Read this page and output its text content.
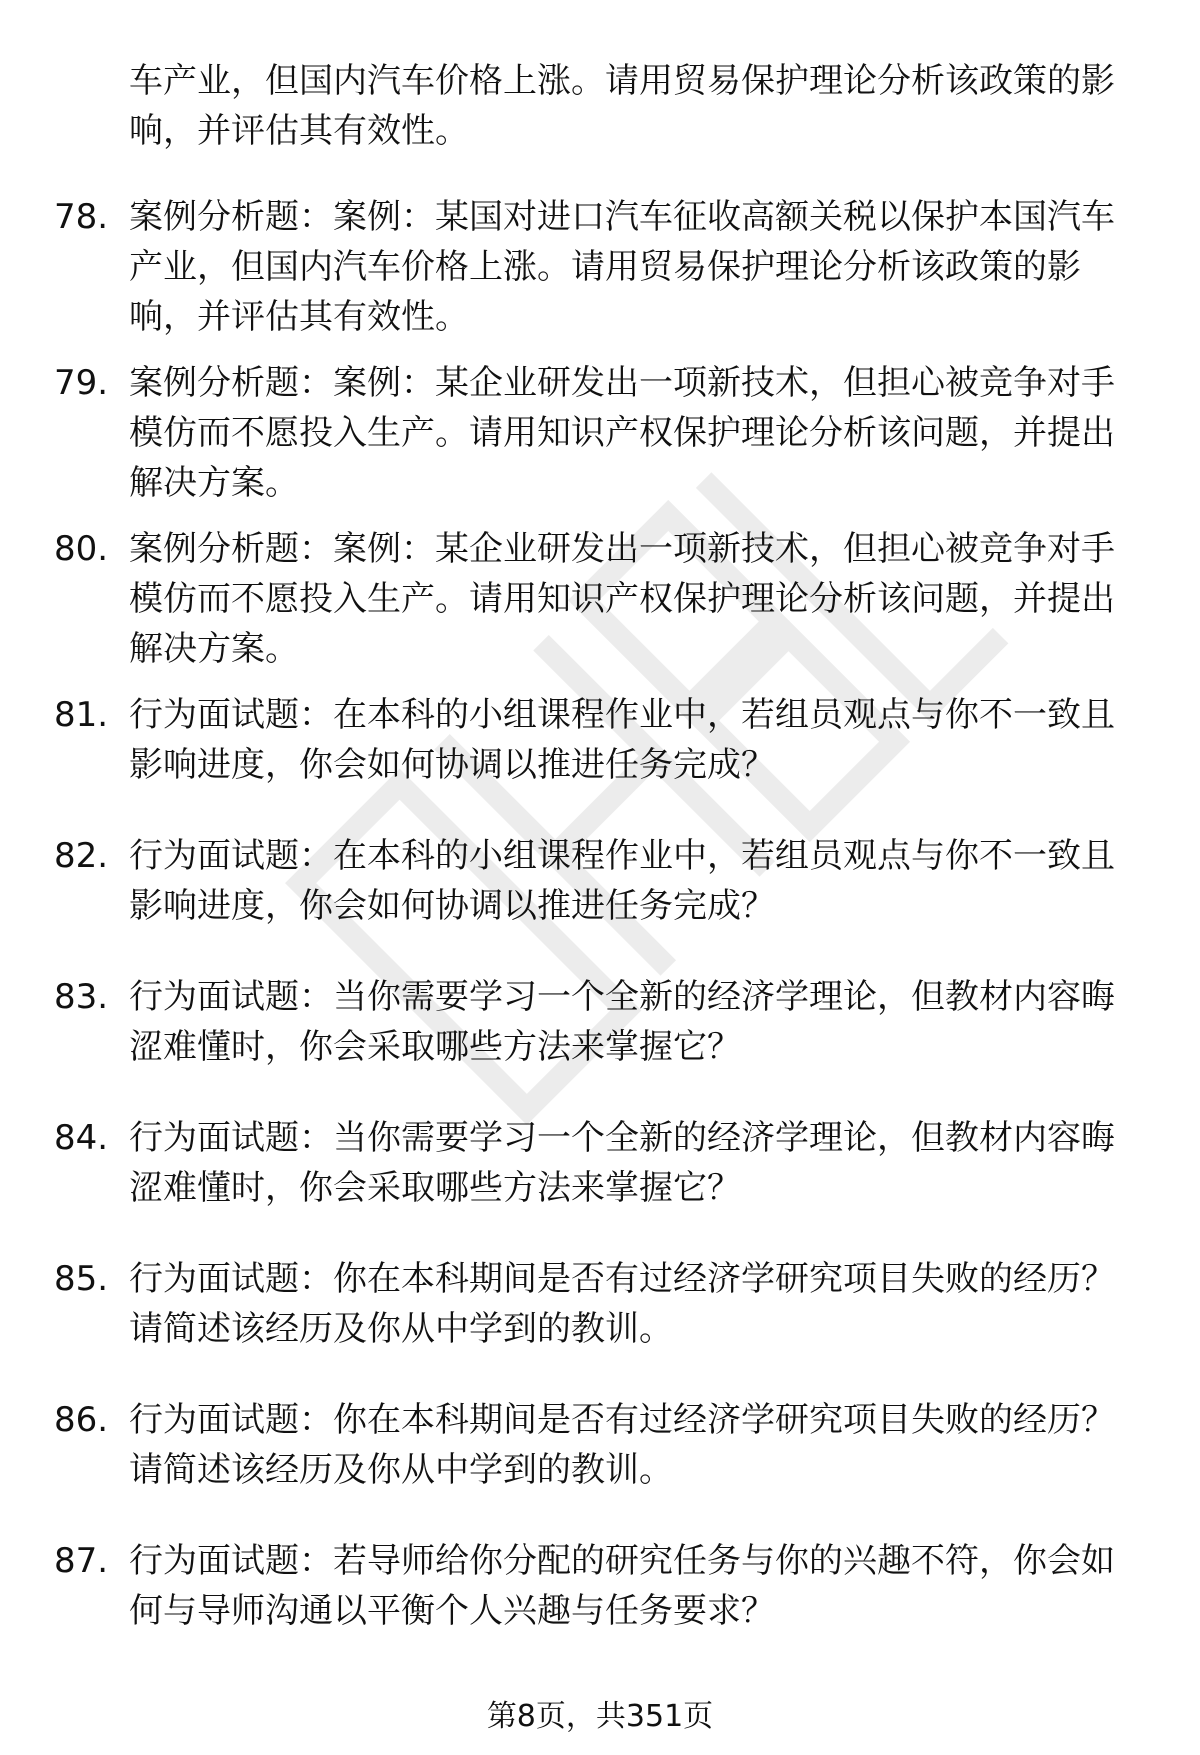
车产业，但国内汽车价格上涨。请用贸易保护理论分析该政策的影响，并评估其有效性。
78. 案例分析题：案例：某国对进口汽车征收高额关税以保护本国汽车产业，但国内汽车价格上涨。请用贸易保护理论分析该政策的影响，并评估其有效性。
79. 案例分析题：案例：某企业研发出一项新技术，但担心被竞争对手模仿而不愿投入生产。请用知识产权保护理论分析该问题，并提出解决方案。
80. 案例分析题：案例：某企业研发出一项新技术，但担心被竞争对手模仿而不愿投入生产。请用知识产权保护理论分析该问题，并提出解决方案。
81. 行为面试题：在本科的小组课程作业中，若组员观点与你不一致且影响进度，你会如何协调以推进任务完成？
82. 行为面试题：在本科的小组课程作业中，若组员观点与你不一致且影响进度，你会如何协调以推进任务完成？
83. 行为面试题：当你需要学习一个全新的经济学理论，但教材内容晦涩难懂时，你会采取哪些方法来掌握它？
84. 行为面试题：当你需要学习一个全新的经济学理论，但教材内容晦涩难懂时，你会采取哪些方法来掌握它？
85. 行为面试题：你在本科期间是否有过经济学研究项目失败的经历？请简述该经历及你从中学到的教训。
86. 行为面试题：你在本科期间是否有过经济学研究项目失败的经历？请简述该经历及你从中学到的教训。
87. 行为面试题：若导师给你分配的研究任务与你的兴趣不符，你会如何与导师沟通以平衡个人兴趣与任务要求？
第8页，共351页
